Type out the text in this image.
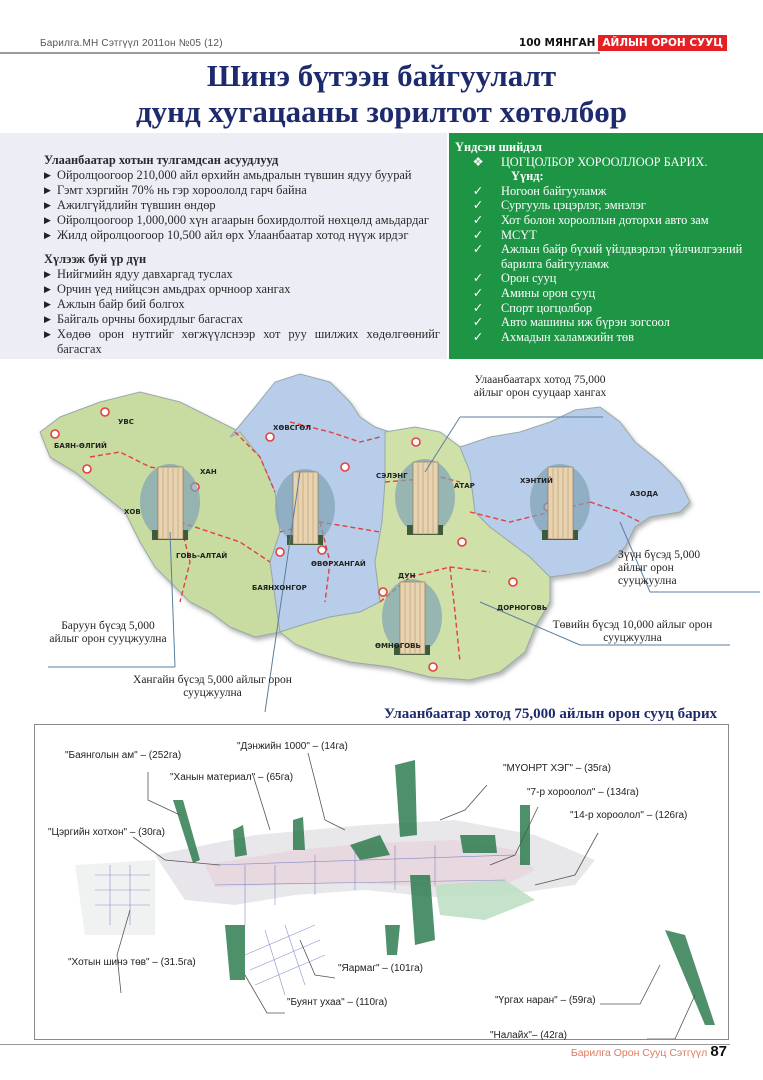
Барилга.МН Сэтгүүл 2011он №05 (12)	100 МЯНГАН АЙЛЫН ОРОН СУУЦ
Шинэ бүтээн байгуулалт
дунд хугацааны зорилтот хөтөлбөр
Улаанбаатар хотын тулгамдсан асуудлууд
▶ Ойролцоогоор 210,000 айл өрхийн амьдралын түвшин ядуу буурай
▶ Гэмт хэргийн 70% нь гэр хороололд гарч байна
▶ Ажилгүйдлийн түвшин өндөр
▶ Ойролцоогоор 1,000,000 хүн агаарын бохирдолтой нөхцөлд амьдардаг
▶ Жилд ойролцоогоор 10,500 айл өрх Улаанбаатар хотод нүүж ирдэг
Хүлээж буй үр дүн
▶ Нийгмийн ядуу давхаргад туслах
▶ Орчин үед нийцсэн амьдрах орчноор хангах
▶ Ажлын байр бий болгох
▶ Байгаль орчны бохирдлыг багасгах
▶ Хөдөө орон нутгийг хөгжүүлснээр хот руу шилжих хөдөлгөөнийг багасгах
Үндсэн шийдэл
❖	ЦОГЦОЛБОР ХОРООЛЛООР БАРИХ.
Үүнд:
✓	Ногоон байгууламж
✓	Сургууль цэцэрлэг, эмнэлэг
✓	Хот болон хорооллын доторхи авто зам
✓	МСҮТ
✓	Ажлын байр бүхий үйлдвэрлэл үйлчилгээний барилга байгууламж
✓	Орон сууц
✓	Амины орон сууц
✓	Спорт цогцолбор
✓	Авто машины иж бүрэн зогсоол
✓	Ахмадын халамжийн төв
УВС
БАЯН-ӨЛГИЙ
ХАН
ХОВ
ГОВЬ-АЛТАЙ
ХӨВСГӨЛ
БАЯНХОНГОР
ӨВӨРХАНГАЙ
СЭЛЭНГ
АТАР
ХЭНТИЙ
АЗОДА
ДУН
ДОРНОГОВЬ
ӨМНӨГОВЬ
Улаанбаатарх хотод 75,000 айлыг орон сууцаар хангах
Баруун бүсэд 5,000 айлыг орон сууцжуулна
Хангайн бүсэд 5,000 айлыг орон сууцжуулна
Зүүн бүсэд 5,000 айлыг орон сууцжуулна
Төвийн бүсэд 10,000 айлыг орон сууцжуулна
Улаанбаатар хотод 75,000 айлын орон сууц барих
"Баянголын ам" – (252га)
"Дэнжийн 1000" – (14га)
"Ханын материал" – (65га)
"МҮОНРТ ХЭГ" – (35га)
"7-р хороолол" – (134га)
"14-р хороолол" – (126га)
"Цэргийн хотхон" – (30га)
"Хотын шинэ төв" – (31.5га)
"Яармаг" – (101га)
"Буянт ухаа" – (110га)	"Үргах наран" – (59га)
"Налайх"– (42га)
Барилга Орон Сууц Сэтгүүл 87
